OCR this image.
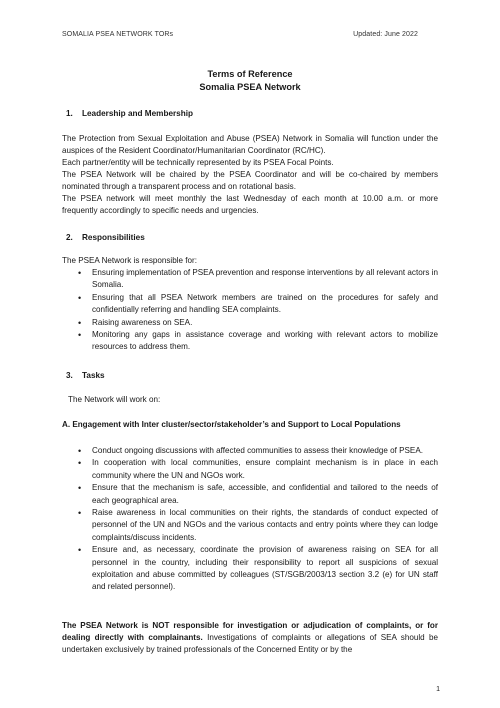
SOMALIA PSEA NETWORK TORs	Updated: June 2022
Terms of Reference
Somalia PSEA Network
1. Leadership and Membership
The Protection from Sexual Exploitation and Abuse (PSEA) Network in Somalia will function under the auspices of the Resident Coordinator/Humanitarian Coordinator (RC/HC).
Each partner/entity will be technically represented by its PSEA Focal Points.
The PSEA Network will be chaired by the PSEA Coordinator and will be co-chaired by members nominated through a transparent process and on rotational basis.
The PSEA network will meet monthly the last Wednesday of each month at 10.00 a.m. or more frequently accordingly to specific needs and urgencies.
2. Responsibilities
The PSEA Network is responsible for:
• Ensuring implementation of PSEA prevention and response interventions by all relevant actors in Somalia.
• Ensuring that all PSEA Network members are trained on the procedures for safely and confidentially referring and handling SEA complaints.
• Raising awareness on SEA.
• Monitoring any gaps in assistance coverage and working with relevant actors to mobilize resources to address them.
3. Tasks
The Network will work on:
A. Engagement with Inter cluster/sector/stakeholder’s and Support to Local Populations
• Conduct ongoing discussions with affected communities to assess their knowledge of PSEA.
• In cooperation with local communities, ensure complaint mechanism is in place in each community where the UN and NGOs work.
• Ensure that the mechanism is safe, accessible, and confidential and tailored to the needs of each geographical area.
• Raise awareness in local communities on their rights, the standards of conduct expected of personnel of the UN and NGOs and the various contacts and entry points where they can lodge complaints/discuss incidents.
• Ensure and, as necessary, coordinate the provision of awareness raising on SEA for all personnel in the country, including their responsibility to report all suspicions of sexual exploitation and abuse committed by colleagues (ST/SGB/2003/13 section 3.2 (e) for UN staff and related personnel).
The PSEA Network is NOT responsible for investigation or adjudication of complaints, or for dealing directly with complainants. Investigations of complaints or allegations of SEA should be undertaken exclusively by trained professionals of the Concerned Entity or by the
1
